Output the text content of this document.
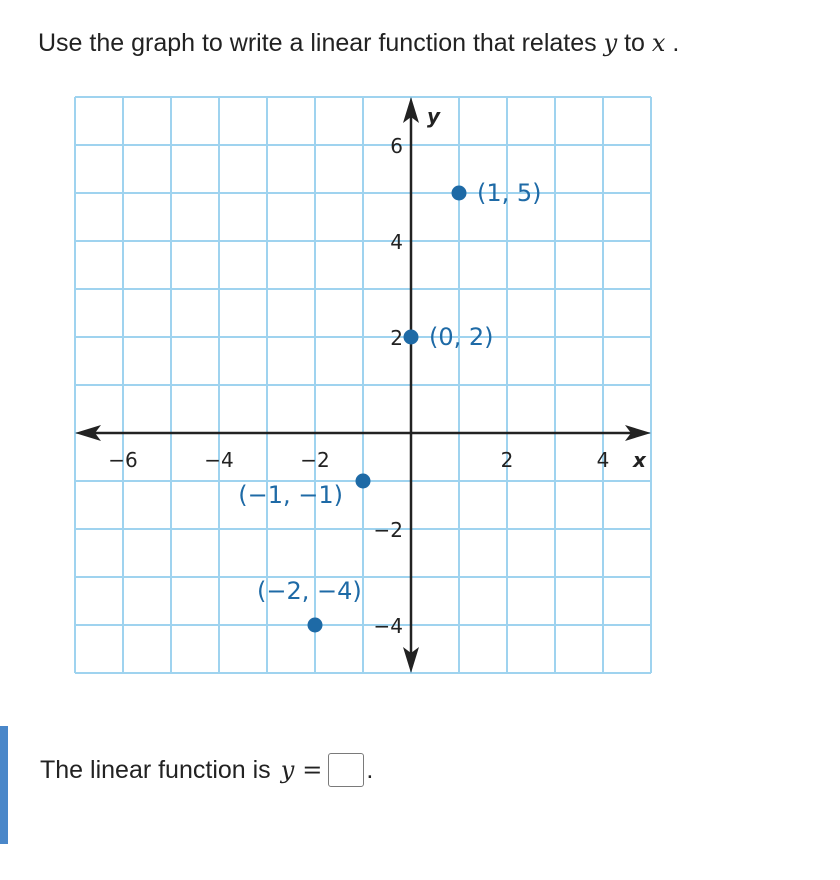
Use the graph to write a linear function that relates y to x .
x
y
−6	−4	−2	2	4
6
4
2
−2
−4
(1, 5)
(0, 2)
(−1, −1)
(−2, −4)
The linear function is y = .
